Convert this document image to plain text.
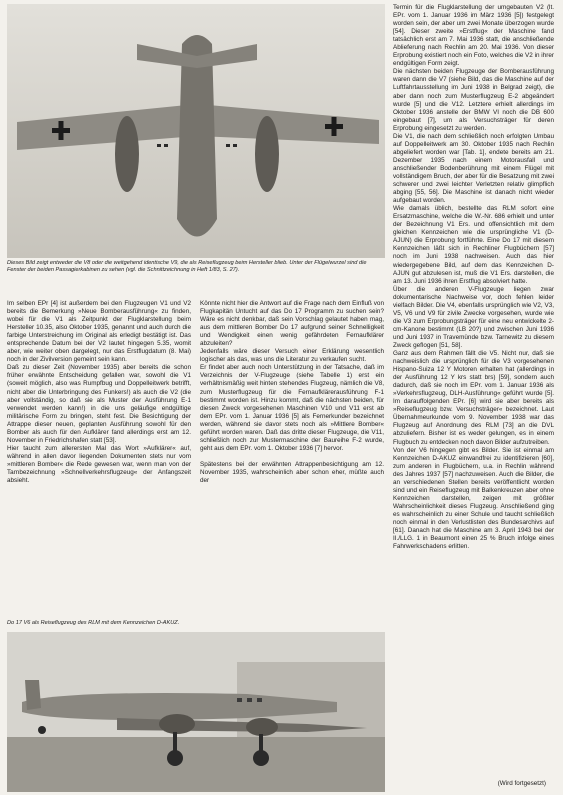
Dieses Bild zeigt entweder die V8 oder die weitgehend identische V9, die als Reiseflugzeug beim Hersteller blieb. Unter der Flügelwurzel sind die Fenster der beiden Passagierkabinen zu sehen (vgl. die Schnittzeichnung in Heft 1/83, S. 27).

Im selben EPr [4] ist außerdem bei den Flugzeugen V1 und V2 bereits die Bemerkung »Neue Bomberausführung« zu finden, wobei für die V1 als Zeitpunkt der Flugklarstellung beim Hersteller 10.35, also Oktober 1935, genannt und auch durch die farbige Unterstreichung im Original als erledigt bestätigt ist. Das entsprechende Datum bei der V2 lautet hingegen 5.35, womit aber, wie weiter oben dargelegt, nur das Erstflugdatum (8. Mai) noch in der Zivilversion gemeint sein kann.

Daß zu dieser Zeit (November 1935) aber bereits die schon früher erwähnte Entscheidung gefallen war, sowohl die V1 (soweit möglich, also was Rumpfbug und Doppelleitwerk betrifft, nicht aber die Unterbringung des Funkers!) als auch die V2 (die aber vollständig, so daß sie als Muster der Ausführung E-1 verwendet werden kann!) in die uns geläufige endgültige militärische Form zu bringen, steht fest. Die Besichtigung der Attrappe dieser neuen, geplanten Ausführung sowohl für den Bomber als auch für den Aufklärer fand allerdings erst am 12. November in Friedrichshafen statt [53].

Hier taucht zum allerersten Mal das Wort »Aufklärer« auf, während in allen davor liegenden Dokumenten stets nur vom »mittleren Bomber« die Rede gewesen war, wenn man von der Tarnbezeichnung »Schnellverkehrsflugzeug« der Anfangszeit absieht.

Könnte nicht hier die Antwort auf die Frage nach dem Einfluß von Flugkapitän Untucht auf das Do 17 Programm zu suchen sein? Wäre es nicht denkbar, daß sein Vorschlag gelautet haben mag, aus dem mittleren Bomber Do 17 aufgrund seiner Schnelligkeit und Wendigkeit einen wenig gefährdeten Fernaufklärer abzuleiten?

Jedenfalls wäre dieser Versuch einer Erklärung wesentlich logischer als das, was uns die Literatur zu verkaufen sucht.

Er findet aber auch noch Unterstützung in der Tatsache, daß im Verzeichnis der V-Flugzeuge (siehe Tabelle 1) erst ein verhältnismäßig weit hinten stehendes Flugzeug, nämlich die V8, zum Musterflugzeug für die Fernaufklärerausführung F-1 bestimmt worden ist. Hinzu kommt, daß die nächsten beiden, für diesen Zweck vorgesehenen Maschinen V10 und V11 erst ab dem EPr. vom 1. Januar 1936 [5] als Fernerkunder bezeichnet werden, während sie davor stets noch als »Mittlere Bomber« geführt worden waren. Daß das dritte dieser Flugzeuge, die V11, schließlich noch zur Mustermaschine der Baureihe F-2 wurde, geht aus dem EPr. vom 1. Oktober 1936 [7] hervor.

Spätestens bei der erwähnten Attrappenbesichtigung am 12. November 1935, wahrscheinlich aber schon eher, müßte auch der

Termin für die Flugklarstellung der umgebauten V2 (lt. EPr. vom 1. Januar 1936 im März 1936 [5]) festgelegt worden sein, der aber um zwei Monate überzogen wurde [54]. Dieser zweite »Erstflug« der Maschine fand tatsächlich erst am 7. Mai 1936 statt, die anschließende Ablieferung nach Rechlin am 20. Mai 1936. Von dieser Erprobung existiert noch ein Foto, welches die V2 in ihrer endgültigen Form zeigt.

Die nächsten beiden Flugzeuge der Bomberausführung waren dann die V7 (siehe Bild, das die Maschine auf der Luftfahrtausstellung im Juni 1938 in Belgrad zeigt), die aber dann noch zum Musterflugzeug E-2 abgeändert wurde [5] und die V12. Letztere erhielt allerdings im Oktober 1936 anstelle der BMW VI noch die DB 600 eingebaut [7], um als Versuchsträger für deren Erprobung eingesetzt zu werden.

Die V1, die nach dem schließlich noch erfolgten Umbau auf Doppelleitwerk am 30. Oktober 1935 nach Rechlin abgeliefert worden war [Tab. 1], endete bereits am 21. Dezember 1935 nach einem Motorausfall und anschließender Bodenberührung mit einem Flügel mit vollständigem Bruch, der aber für die Besatzung mit zwei schwerer und zwei leichter Verletzten relativ glimpflich abging [55, 56]. Die Maschine ist danach nicht wieder aufgebaut worden.

Wie damals üblich, bestellte das RLM sofort eine Ersatzmaschine, welche die W.-Nr. 686 erhielt und unter der Bezeichnung V1 Ers. und offensichtlich mit dem gleichen Kennzeichen wie die ursprüngliche V1 (D-AJUN) die Erprobung fortführte. Eine Do 17 mit diesem Kennzeichen läßt sich in Rechliner Flugbüchern [57] noch im Juni 1938 nachweisen. Auch das hier wiedergegebene Bild, auf dem das Kennzeichen D-AJUN gut abzulesen ist, muß die V1 Ers. darstellen, die am 13. Juni 1936 ihren Erstflug absolviert hatte.

Über die anderen V-Flugzeuge liegen zwar dokumentarische Nachweise vor, doch fehlen leider vielfach Bilder. Die V4, ebenfalls ursprünglich wie V2, V3, V5, V6 und V9 für zivile Zwecke vorgesehen, wurde wie die V3 zum Erprobungsträger für eine neu entwickelte 2-cm-Kanone bestimmt (LB 20?) und zwischen Juni 1936 und Juni 1937 in Travemünde bzw. Tarnewitz zu diesem Zweck geflogen [51, 58].

Ganz aus dem Rahmen fällt die V5. Nicht nur, daß sie nachweislich die ursprünglich für die V3 vorgesehenen Hispano-Suiza 12 Y Motoren erhalten hat (allerdings in der Ausführung 12 Y krs statt brs) [59], sondern auch dadurch, daß sie noch im EPr. vom 1. Januar 1936 als »Verkehrsflugzeug, DLH-Ausführung« geführt wurde [5]. Im darauffolgenden EPr. [6] wird sie aber bereits als »Reiseflugzeug bzw. Versuchsträger« bezeichnet. Laut Übernahmeurkunde vom 9. November 1938 war das Flugzeug auf Anordnung des RLM [73] an die DVL abzuliefern. Bisher ist es weder gelungen, es in einem Flugbuch zu entdecken noch davon Bilder aufzutreiben.

Von der V6 hingegen gibt es Bilder. Sie ist einmal am Kennzeichen D-AKUZ einwandfrei zu identifizieren [60], zum anderen in Flugbüchern, u.a. in Rechlin während des Jahres 1937 [57] nachzuweisen. Auch die Bilder, die an verschiedenen Stellen bereits veröffentlicht worden sind und ein Reiseflugzeug mit Balkenkreuzen aber ohne Kennzeichen darstellen, zeigen mit größter Wahrscheinlichkeit dieses Flugzeug. Anschließend ging es wahrscheinlich zu einer Schule und taucht schließlich noch einmal in den Verlustlisten des Bundesarchivs auf [61]. Danach hat die Maschine am 3. April 1943 bei der II./LLG. 1 in Beaumont einen 25 % Bruch infolge eines Fahrwerkschadens erlitten.

Do 17 V6 als Reiseflugzeug des RLM mit dem Kennzeichen D-AKUZ.
(Wird fortgesetzt)
